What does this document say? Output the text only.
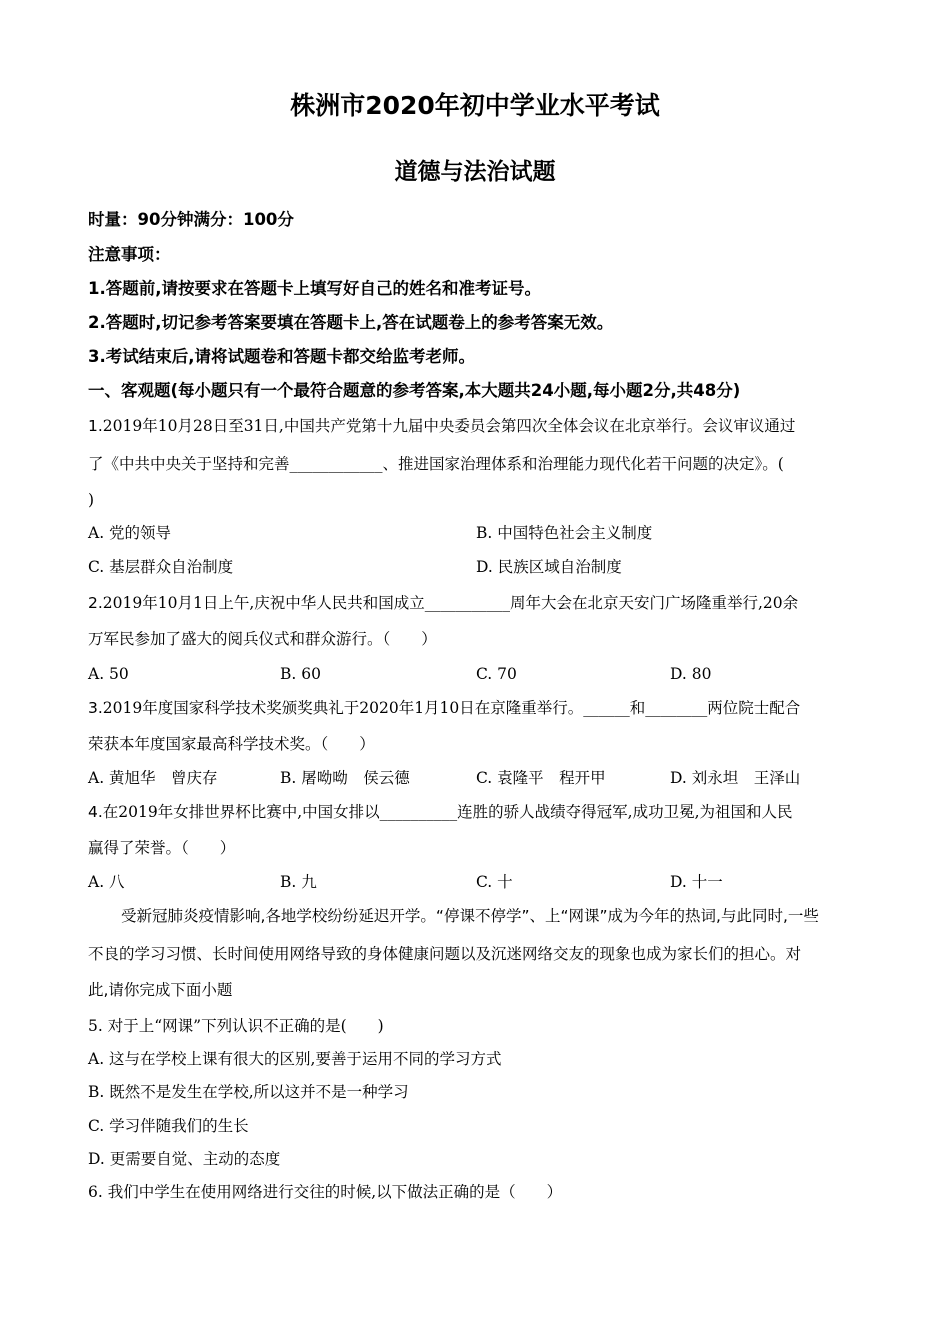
株洲市2020年初中学业水平考试
道德与法治试题
时量：90分钟满分：100分
注意事项：
1.答题前,请按要求在答题卡上填写好自己的姓名和准考证号。
2.答题时,切记参考答案要填在答题卡上,答在试题卷上的参考答案无效。
3.考试结束后,请将试题卷和答题卡都交给监考老师。
一、客观题(每小题只有一个最符合题意的参考答案,本大题共24小题,每小题2分,共48分)
1.2019年10月28日至31日,中国共产党第十九届中央委员会第四次全体会议在北京举行。会议审议通过
了《中共中央关于坚持和完善____________、推进国家治理体系和治理能力现代化若干问题的决定》。(
)
A. 党的领导	B. 中国特色社会主义制度
C. 基层群众自治制度	D. 民族区域自治制度
2.2019年10月1日上午,庆祝中华人民共和国成立___________周年大会在北京天安门广场隆重举行,20余
万军民参加了盛大的阅兵仪式和群众游行。（　　）
A. 50	B. 60	C. 70	D. 80
3.2019年度国家科学技术奖颁奖典礼于2020年1月10日在京隆重举行。______和________两位院士配合
荣获本年度国家最高科学技术奖。（　　）
A. 黄旭华　曾庆存	B. 屠呦呦　侯云德	C. 袁隆平　程开甲	D. 刘永坦　王泽山
4.在2019年女排世界杯比赛中,中国女排以__________连胜的骄人战绩夺得冠军,成功卫冕,为祖国和人民
赢得了荣誉。（　　）
A. 八	B. 九	C. 十	D. 十一
受新冠肺炎疫情影响,各地学校纷纷延迟开学。“停课不停学”、上“网课”成为今年的热词,与此同时,一些
不良的学习习惯、长时间使用网络导致的身体健康问题以及沉迷网络交友的现象也成为家长们的担心。对
此,请你完成下面小题
5. 对于上“网课”下列认识不正确的是(　　)
A. 这与在学校上课有很大的区别,要善于运用不同的学习方式
B. 既然不是发生在学校,所以这并不是一种学习
C. 学习伴随我们的生长
D. 更需要自觉、主动的态度
6. 我们中学生在使用网络进行交往的时候,以下做法正确的是（　　）
